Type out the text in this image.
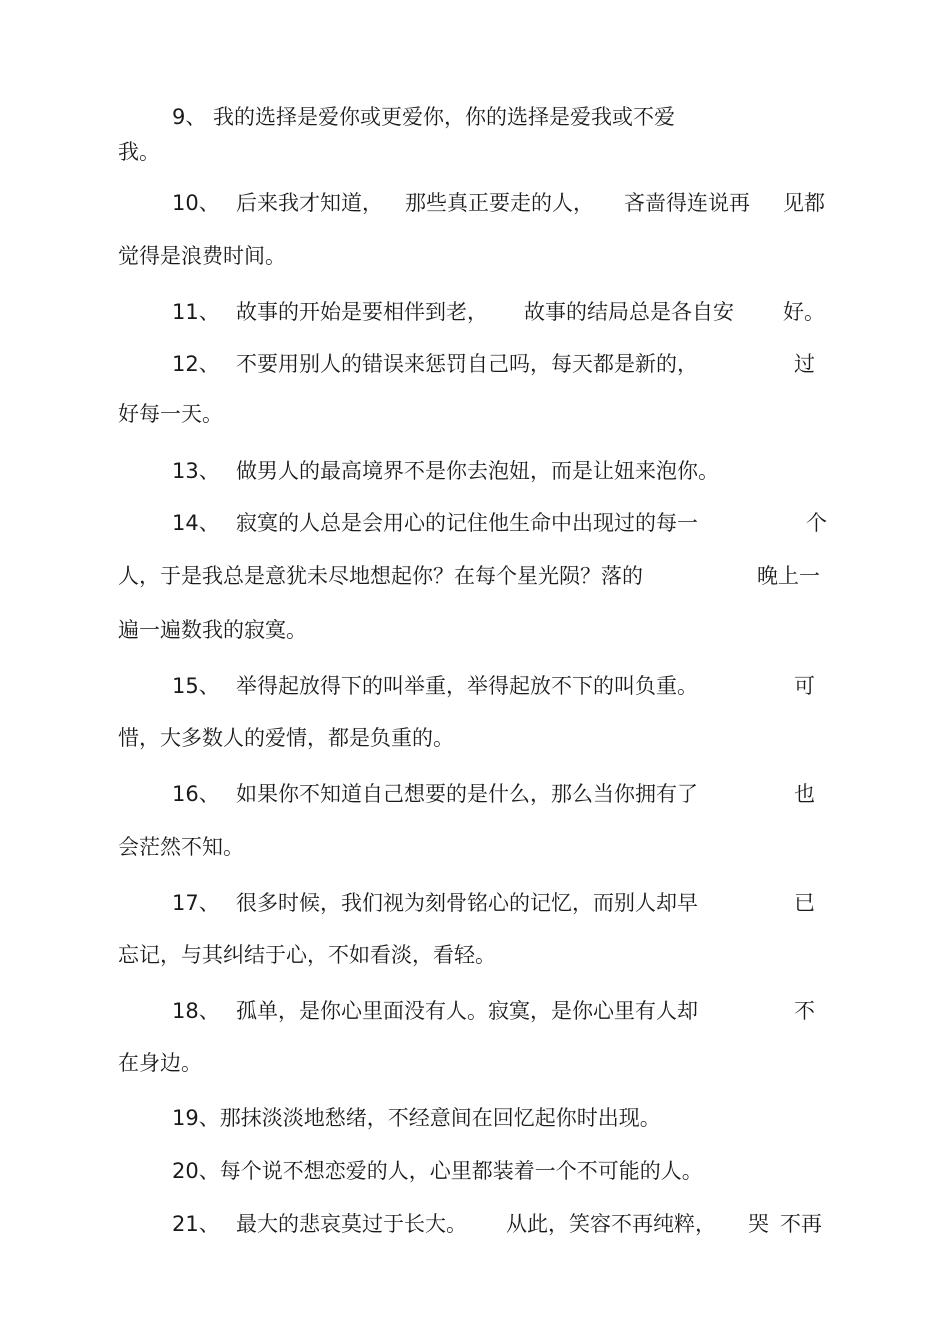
9、 我的选择是爱你或更爱你，你的选择是爱我或不爱
我。
10、 后来我才知道， 那些真正要走的人， 吝啬得连说再 见都
觉得是浪费时间。
11、 故事的开始是要相伴到老， 故事的结局总是各自安 好。
12、 不要用别人的错误来惩罚自己吗，每天都是新的，	过
好每一天。
13、 做男人的最高境界不是你去泡妞，而是让妞来泡你。
14、 寂寞的人总是会用心的记住他生命中出现过的每一	个
人，于是我总是意犹未尽地想起你？在每个星光陨？落的	晚上一
遍一遍数我的寂寞。
15、 举得起放得下的叫举重，举得起放不下的叫负重。	可
惜，大多数人的爱情，都是负重的。
16、 如果你不知道自己想要的是什么，那么当你拥有了	也
会茫然不知。
17、 很多时候，我们视为刻骨铭心的记忆，而别人却早	已
忘记，与其纠结于心，不如看淡，看轻。
18、 孤单，是你心里面没有人。寂寞，是你心里有人却	不
在身边。
19、那抹淡淡地愁绪，不经意间在回忆起你时出现。
20、每个说不想恋爱的人，心里都装着一个不可能的人。
21、 最大的悲哀莫过于长大。 从此，笑容不再纯粹， 哭 不再
